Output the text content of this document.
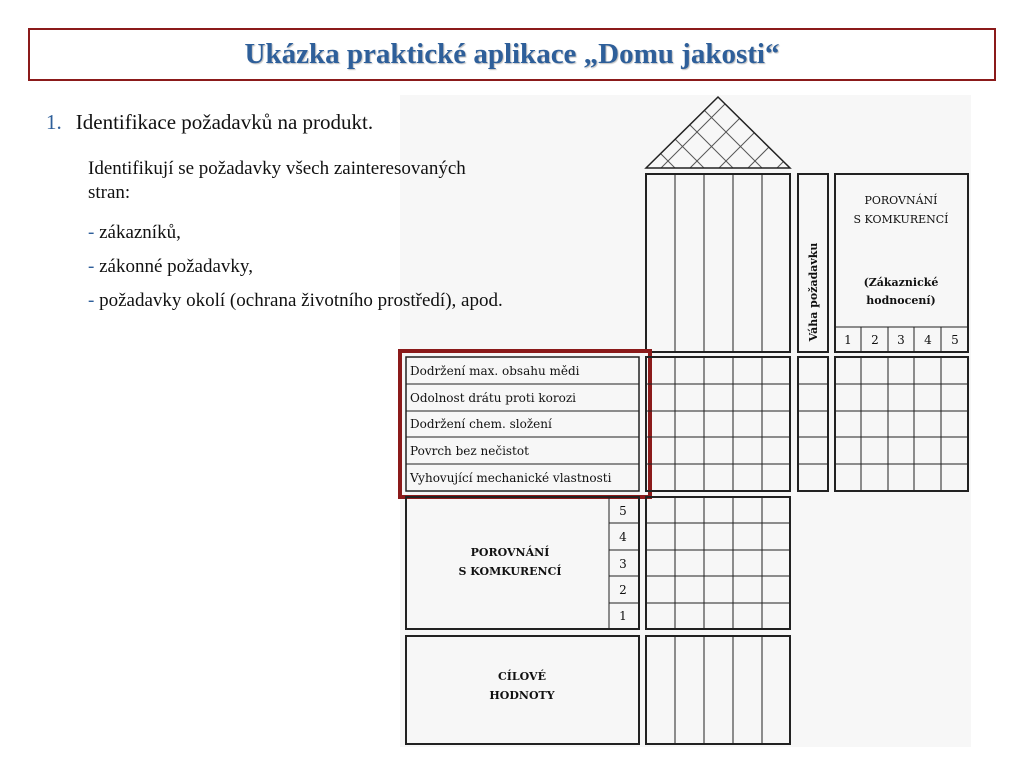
Ukázka praktické aplikace „Domu jakosti“
1. Identifikace požadavků na produkt.
Identifikují se požadavky všech zainteresovaných
stran:
- zákazníků,
- zákonné požadavky,
- požadavky okolí (ochrana životního prostředí), apod.	Váha požadavku
POROVNÁNÍ
S KOMKURENCÍ
(Zákaznické
hodnocení)
1 2 3 4 5
Dodržení max. obsahu mědi
Odolnost drátu proti korozi
Dodržení chem. složení
Povrch bez nečistot
Vyhovující mechanické vlastnosti
POROVNÁNÍ
S KOMKURENCÍ
5
4
3
2
1
CÍLOVÉ
HODNOTY
